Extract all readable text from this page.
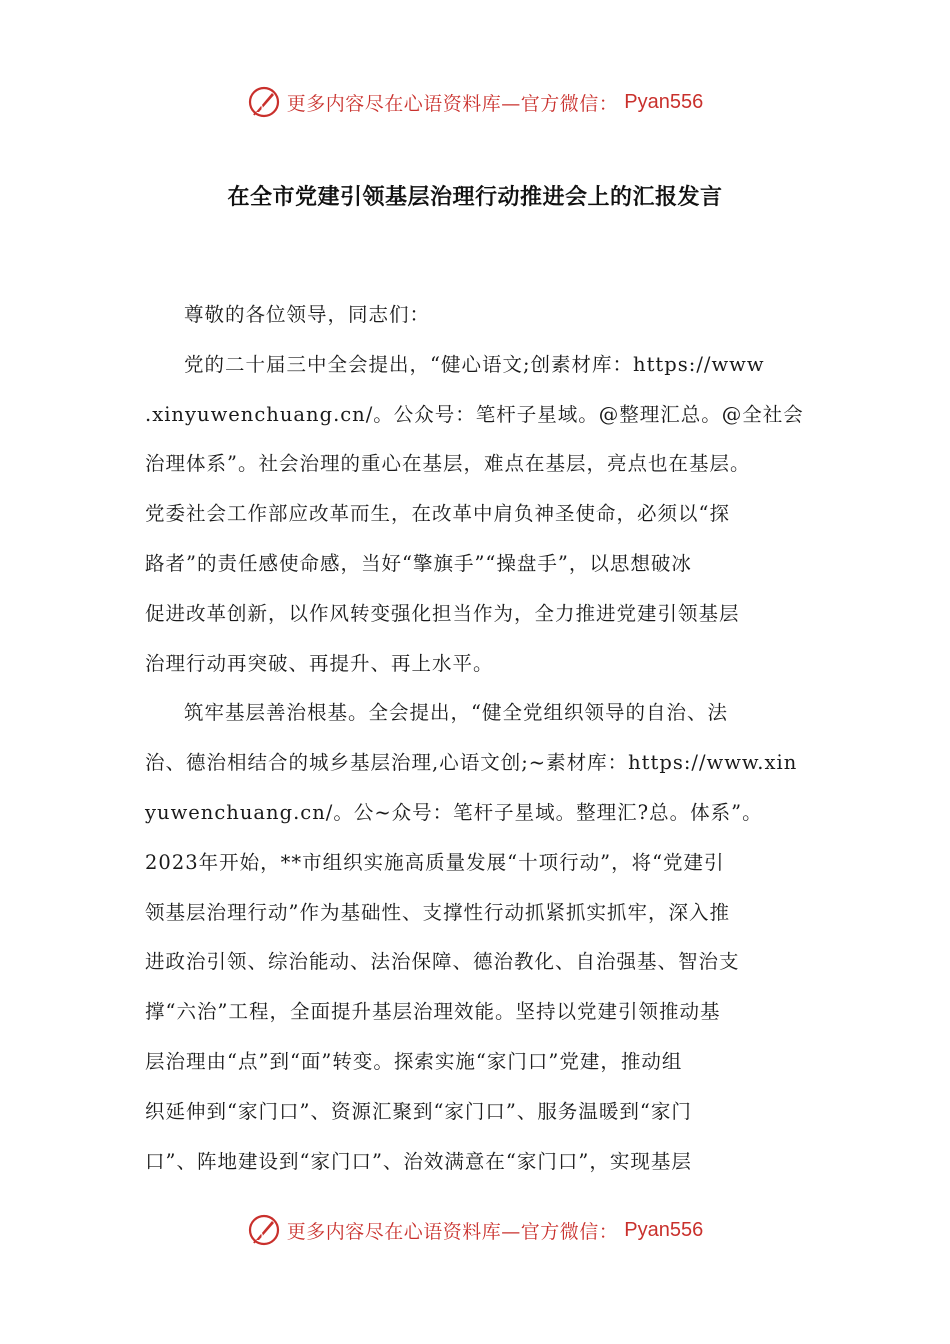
更多内容尽在心语资料库—官方微信： Pyan556
在全市党建引领基层治理行动推进会上的汇报发言

尊敬的各位领导，同志们：

党的二十届三中全会提出，“健心语文;创素材库：https://www

.xinyuwenchuang.cn/。公众号：笔杆子星域。@整理汇总。@全社会

治理体系”。社会治理的重心在基层，难点在基层，亮点也在基层。

党委社会工作部应改革而生，在改革中肩负神圣使命，必须以“探

路者”的责任感使命感，当好“擎旗手”“操盘手”，以思想破冰

促进改革创新，以作风转变强化担当作为，全力推进党建引领基层

治理行动再突破、再提升、再上水平。

筑牢基层善治根基。全会提出，“健全党组织领导的自治、法

治、德治相结合的城乡基层治理,心语文创;~素材库：https://www.xin

yuwenchuang.cn/。公~众号：笔杆子星域。整理汇?总。体系”。

2023年开始，**市组织实施高质量发展“十项行动”，将“党建引

领基层治理行动”作为基础性、支撑性行动抓紧抓实抓牢，深入推

进政治引领、综治能动、法治保障、德治教化、自治强基、智治支

撑“六治”工程，全面提升基层治理效能。坚持以党建引领推动基

层治理由“点”到“面”转变。探索实施“家门口”党建，推动组

织延伸到“家门口”、资源汇聚到“家门口”、服务温暖到“家门

口”、阵地建设到“家门口”、治效满意在“家门口”，实现基层

更多内容尽在心语资料库—官方微信： Pyan556
